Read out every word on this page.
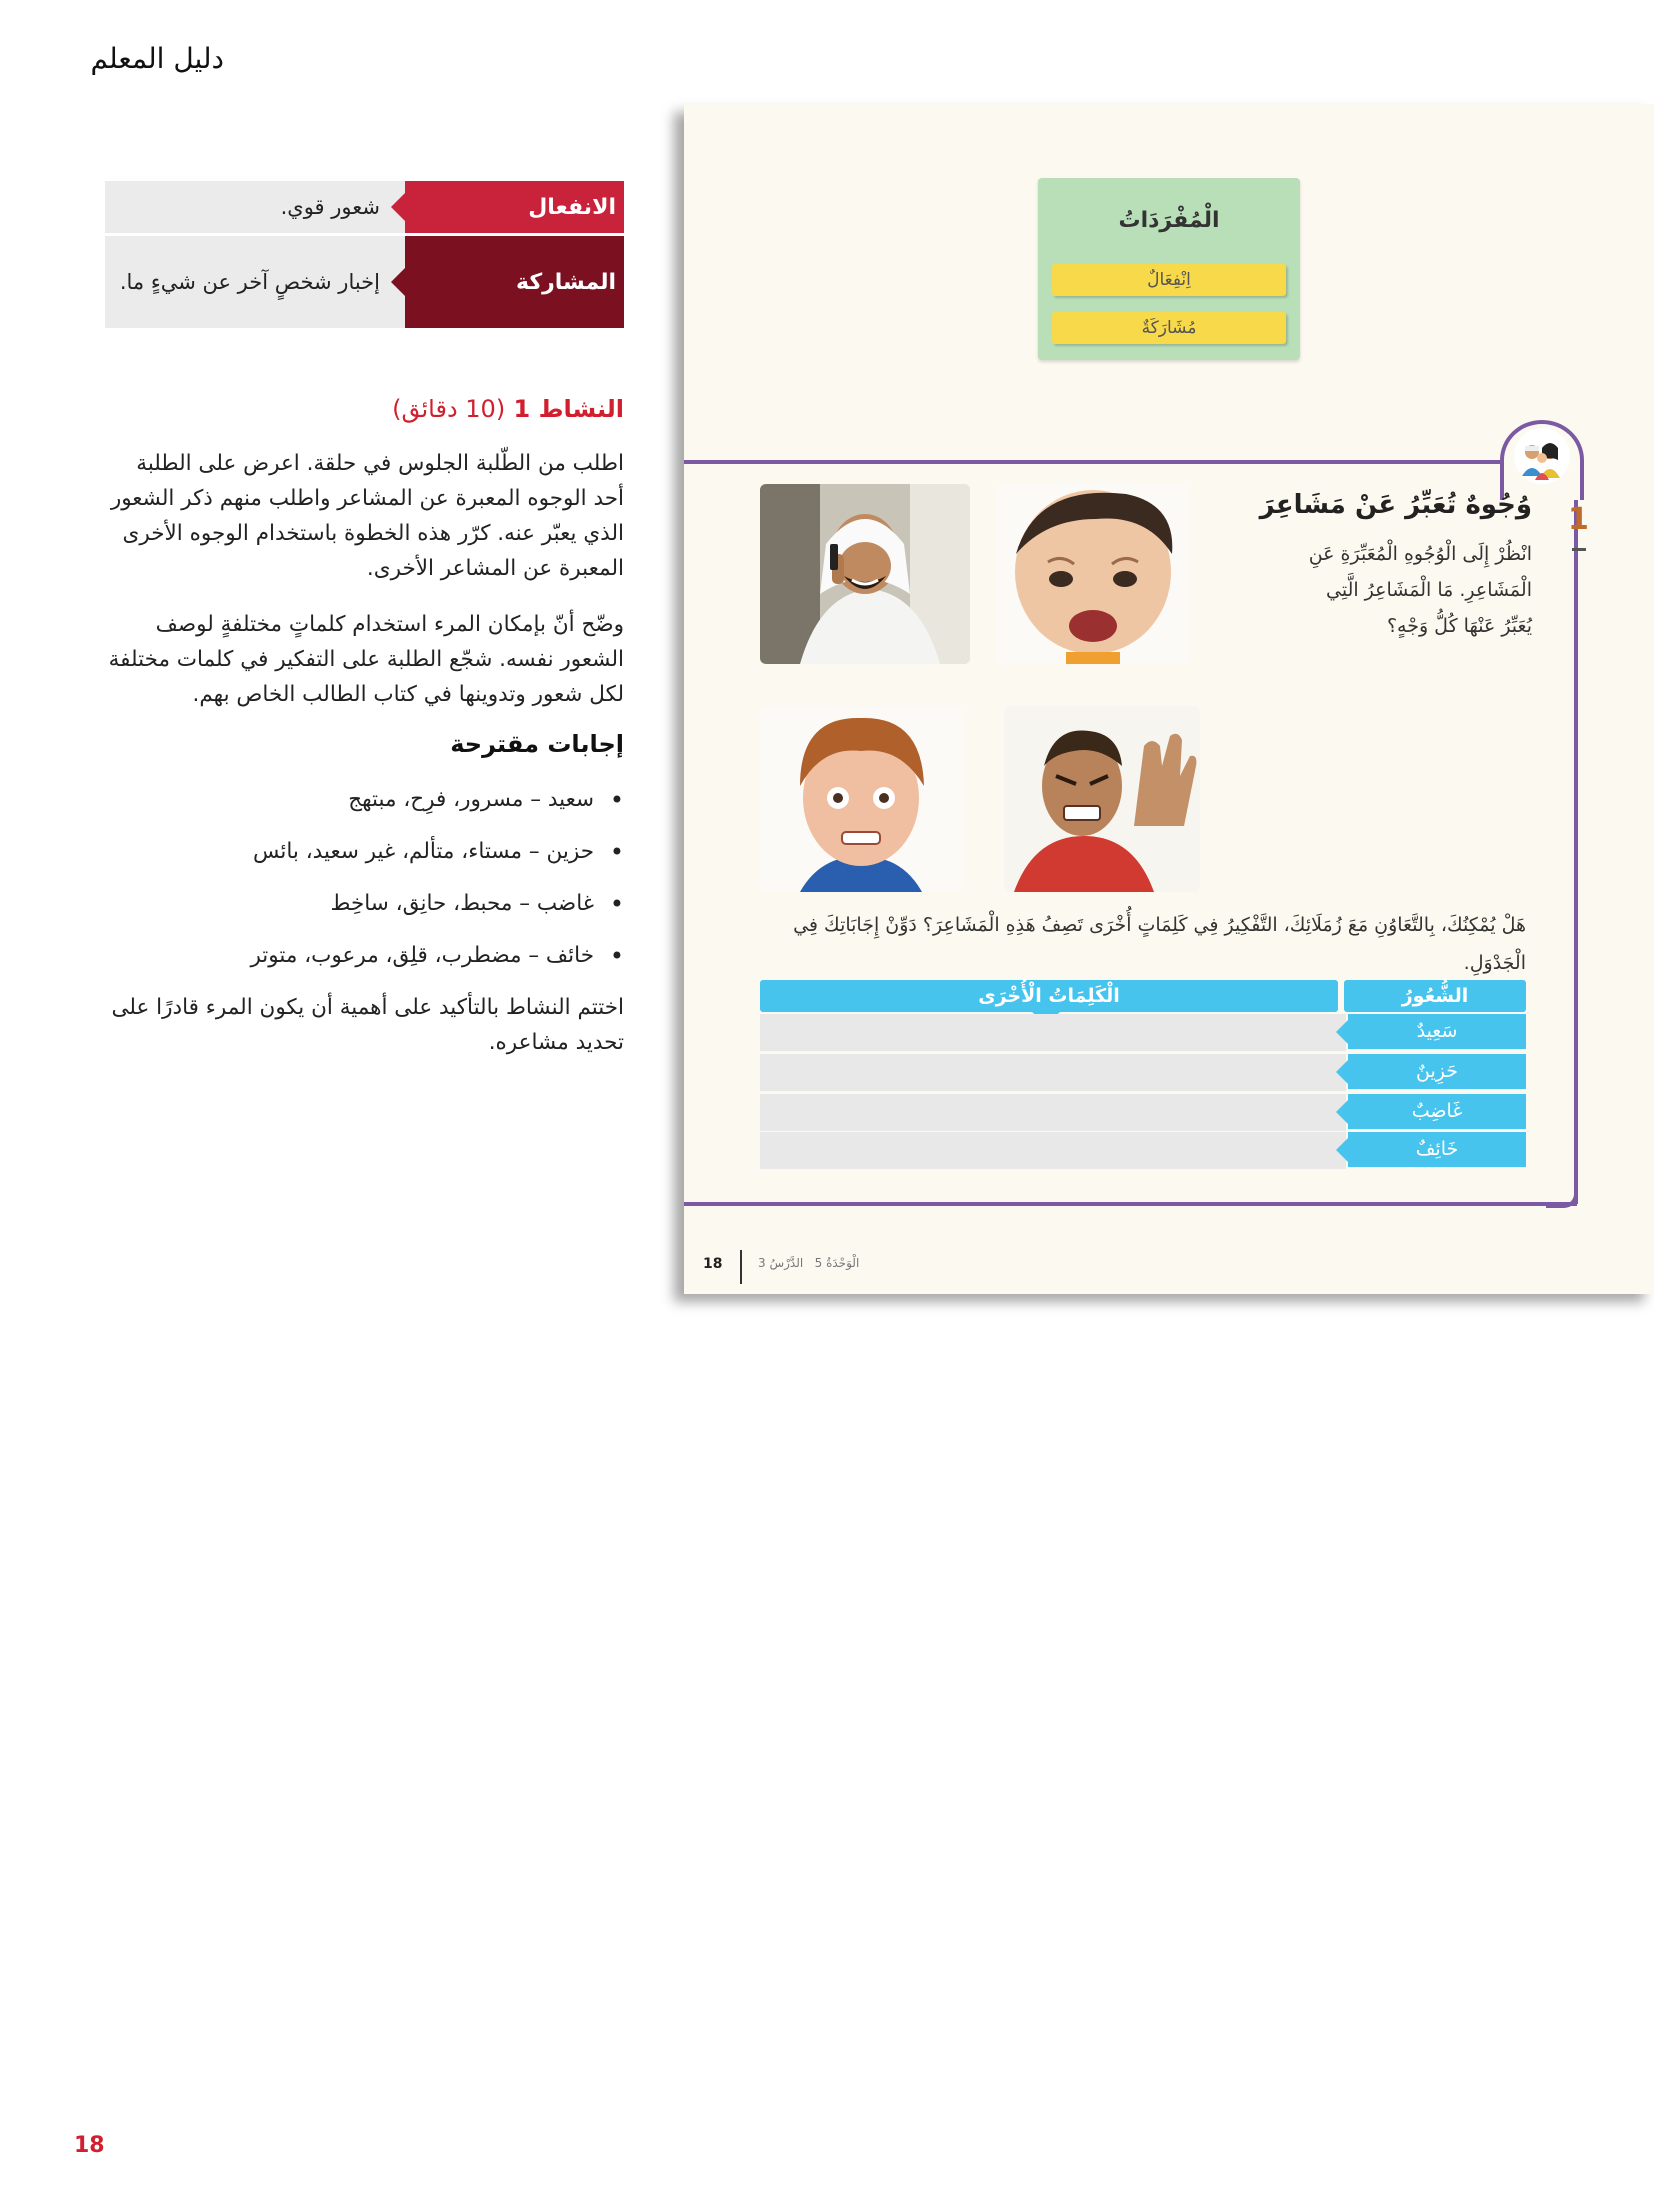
دليل المعلم
شعور قوي.	الانفعال
إخبار شخصٍ آخر عن شيءٍ ما.	المشاركة
النشاط 1 (10 دقائق)
اطلب من الطّلبة الجلوس في حلقة. اعرض على الطلبة أحد الوجوه المعبرة عن المشاعر واطلب منهم ذكر الشعور الذي يعبّر عنه. كرّر هذه الخطوة باستخدام الوجوه الأخرى المعبرة عن المشاعر الأخرى.
وضّح أنّ بإمكان المرء استخدام كلماتٍ مختلفةٍ لوصف الشعور نفسه. شجّع الطلبة على التفكير في كلمات مختلفة لكل شعور وتدوينها في كتاب الطالب الخاص بهم.
إجابات مقترحة
• سعيد – مسرور، فرِح، مبتهج
• حزين – مستاء، متألم، غير سعيد، بائس
• غاضب – محبط، حانِق، ساخِط
• خائف – مضطرب، قلِق، مرعوب، متوتر
اختتم النشاط بالتأكيد على أهمية أن يكون المرء قادرًا على تحديد مشاعره.
18
الْمُفْرَدَاتُ
اِنْفِعَالٌ
مُشَارَكَةٌ
1
وُجُوهٌ تُعَبِّرُ عَنْ مَشَاعِرَ
انْظُرْ إِلَى الْوُجُوهِ الْمُعَبِّرَةِ عَنِ الْمَشَاعِرِ. مَا الْمَشَاعِرُ الَّتِي يُعَبِّرُ عَنْهَا كُلُّ وَجْهٍ؟
هَلْ يُمْكِنُكَ، بِالتَّعَاوُنِ مَعَ زُمَلَائِكَ، التَّفْكِيرُ فِي كَلِمَاتٍ أُخْرَى تَصِفُ هَذِهِ الْمَشَاعِرَ؟ دَوِّنْ إِجَابَاتِكَ فِي الْجَدْوَلِ.
الْكَلِمَاتُ الْأُخْرَى	الشُّعُورُ
سَعِيدٌ
حَزِينٌ
غَاضِبٌ
خَائِفٌ
18	الْوَحْدَةُ 5   الدَّرْسُ 3
